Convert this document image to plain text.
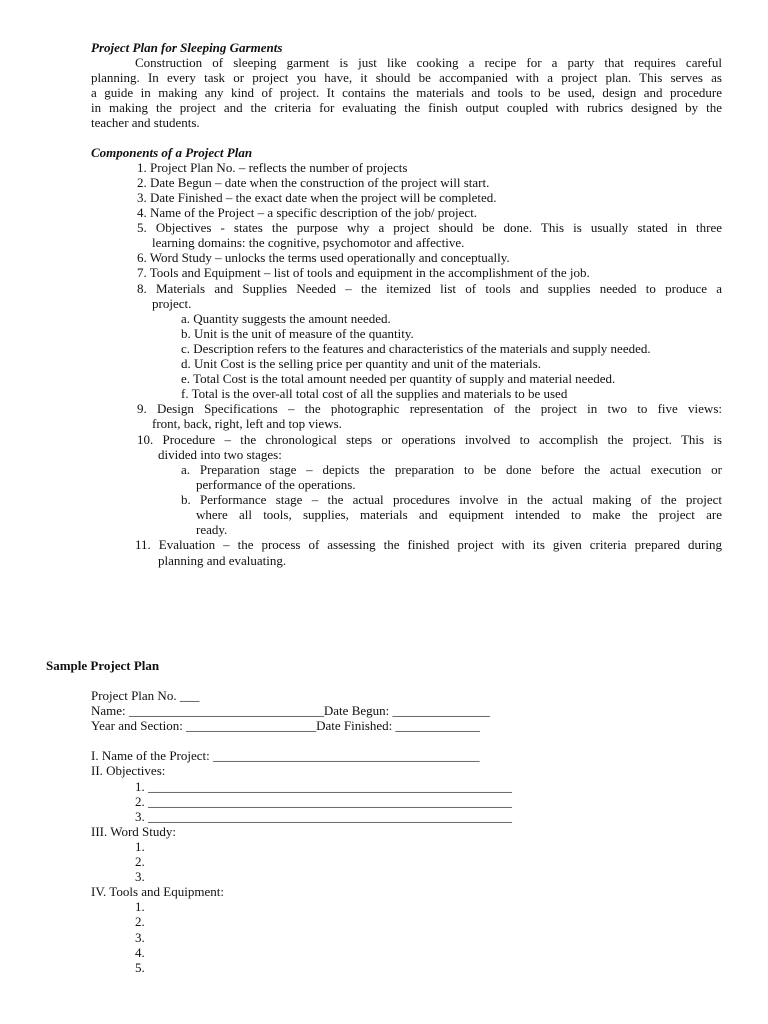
Project Plan for Sleeping Garments
Construction of sleeping garment is just like cooking a recipe for a party that requires careful
planning. In every task or project you have, it should be accompanied with a project plan. This serves as
a guide in making any kind of project. It contains the materials and tools to be used, design and procedure
in making the project and the criteria for evaluating the finish output coupled with rubrics designed by the
teacher and students.
Components of a Project Plan
1. Project Plan No. – reflects the number of projects
2. Date Begun – date when the construction of the project will start.
3. Date Finished – the exact date when the project will be completed.
4. Name of the Project – a specific description of the job/ project.
5. Objectives - states the purpose why a project should be done. This is usually stated in three
learning domains: the cognitive, psychomotor and affective.
6. Word Study – unlocks the terms used operationally and conceptually.
7. Tools and Equipment – list of tools and equipment in the accomplishment of the job.
8. Materials and Supplies Needed – the itemized list of tools and supplies needed to produce a
project.
a. Quantity suggests the amount needed.
b. Unit is the unit of measure of the quantity.
c. Description refers to the features and characteristics of the materials and supply needed.
d. Unit Cost is the selling price per quantity and unit of the materials.
e. Total Cost is the total amount needed per quantity of supply and material needed.
f. Total is the over-all total cost of all the supplies and materials to be used
9. Design Specifications – the photographic representation of the project in two to five views:
front, back, right, left and top views.
10. Procedure – the chronological steps or operations involved to accomplish the project. This is
divided into two stages:
a. Preparation stage – depicts the preparation to be done before the actual execution or
performance of the operations.
b. Performance stage – the actual procedures involve in the actual making of the project
where all tools, supplies, materials and equipment intended to make the project are
ready.
11. Evaluation – the process of assessing the finished project with its given criteria prepared during
planning and evaluating.
Sample Project Plan
Project Plan No. ___
Name: ______________________________Date Begun: _______________
Year and Section: ____________________Date Finished: _____________
I. Name of the Project: _________________________________________
II. Objectives:
1. ________________________________________________________
2. ________________________________________________________
3. ________________________________________________________
III. Word Study:
1.
2.
3.
IV. Tools and Equipment:
1.
2.
3.
4.
5.
